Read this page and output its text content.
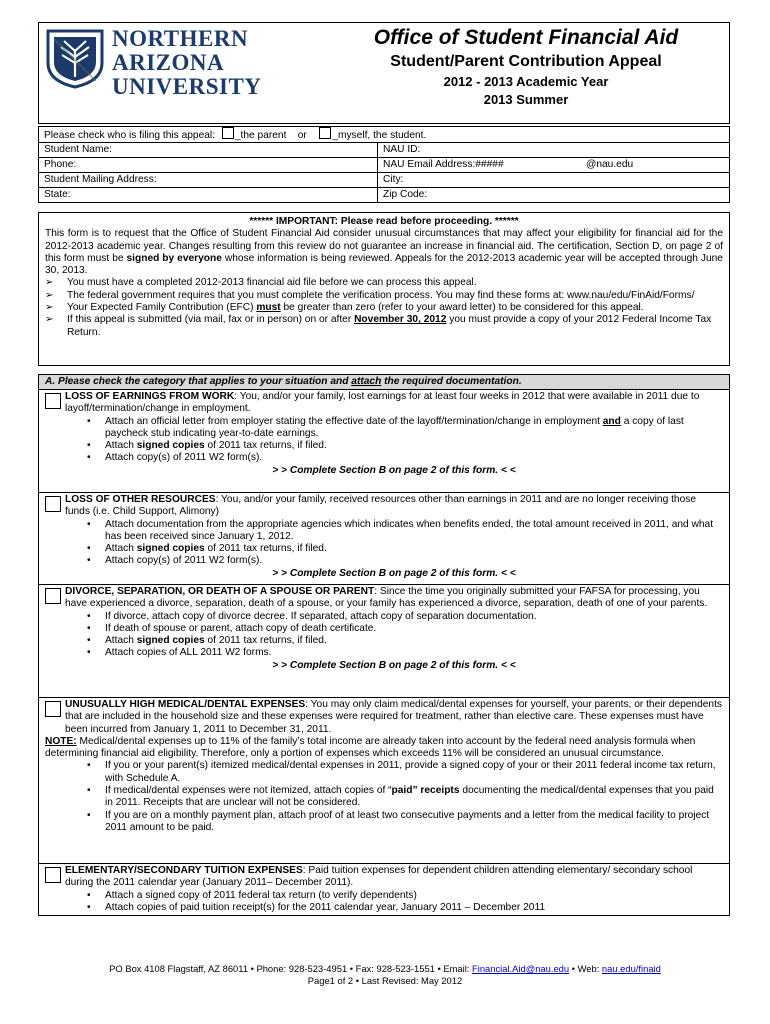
NORTHERN
ARIZONA
UNIVERSITY
Office of Student Financial Aid
Student/Parent Contribution Appeal
2012 - 2013 Academic Year
2013 Summer
Please check who is filing this appeal: _the parent or	_myself, the student.
Student Name:	NAU ID:
Phone:	NAU Email Address:#####	@nau.edu
Student Mailing Address:	City:
State:	Zip Code:
****** IMPORTANT: Please read before proceeding. ******
This form is to request that the Office of Student Financial Aid consider unusual circumstances that may affect your eligibility for financial aid for the 2012-2013 academic year. Changes resulting from this review do not guarantee an increase in financial aid. The certification, Section D, on page 2 of this form must be signed by everyone whose information is being reviewed. Appeals for the 2012-2013 academic year will be accepted through June 30, 2013.
➢	You must have a completed 2012-2013 financial aid file before we can process this appeal.
➢	The federal government requires that you must complete the verification process. You may find these forms at: www.nau/edu/FinAid/Forms/
➢	Your Expected Family Contribution (EFC) must be greater than zero (refer to your award letter) to be considered for this appeal.
➢	If this appeal is submitted (via mail, fax or in person) on or after November 30, 2012 you must provide a copy of your 2012 Federal Income Tax Return.
A. Please check the category that applies to your situation and attach the required documentation.
LOSS OF EARNINGS FROM WORK: You, and/or your family, lost earnings for at least four weeks in 2012 that were available in 2011 due to layoff/termination/change in employment.
•	Attach an official letter from employer stating the effective date of the layoff/termination/change in employment and a copy of last paycheck stub indicating year-to-date earnings.
•	Attach signed copies of 2011 tax returns, if filed.
•	Attach copy(s) of 2011 W2 form(s).
> > Complete Section B on page 2 of this form. < <
LOSS OF OTHER RESOURCES: You, and/or your family, received resources other than earnings in 2011 and are no longer receiving those funds (i.e. Child Support, Alimony)
•	Attach documentation from the appropriate agencies which indicates when benefits ended, the total amount received in 2011, and what has been received since January 1, 2012.
•	Attach signed copies of 2011 tax returns, if filed.
•	Attach copy(s) of 2011 W2 form(s).
> > Complete Section B on page 2 of this form. < <
DIVORCE, SEPARATION, OR DEATH OF A SPOUSE OR PARENT: Since the time you originally submitted your FAFSA for processing, you have experienced a divorce, separation, death of a spouse, or your family has experienced a divorce, separation, death of one of your parents.
•	If divorce, attach copy of divorce decree. If separated, attach copy of separation documentation.
•	If death of spouse or parent, attach copy of death certificate.
•	Attach signed copies of 2011 tax returns, if filed.
•	Attach copies of ALL 2011 W2 forms.
> > Complete Section B on page 2 of this form. < <
UNUSUALLY HIGH MEDICAL/DENTAL EXPENSES: You may only claim medical/dental expenses for yourself, your parents, or their dependents that are included in the household size and these expenses were required for treatment, rather than elective care. These expenses must have been incurred from January 1, 2011 to December 31, 2011.
NOTE: Medical/dental expenses up to 11% of the family’s total income are already taken into account by the federal need analysis formula when determining financial aid eligibility. Therefore, only a portion of expenses which exceeds 11% will be considered an unusual circumstance.
•	If you or your parent(s) itemized medical/dental expenses in 2011, provide a signed copy of your or their 2011 federal income tax return, with Schedule A.
•	If medical/dental expenses were not itemized, attach copies of “paid” receipts documenting the medical/dental expenses that you paid in 2011. Receipts that are unclear will not be considered.
•	If you are on a monthly payment plan, attach proof of at least two consecutive payments and a letter from the medical facility to project 2011 amount to be paid.
ELEMENTARY/SECONDARY TUITION EXPENSES: Paid tuition expenses for dependent children attending elementary/ secondary school during the 2011 calendar year (January 2011– December 2011).
•	Attach a signed copy of 2011 federal tax return (to verify dependents)
•	Attach copies of paid tuition receipt(s) for the 2011 calendar year, January 2011 – December 2011
PO Box 4108 Flagstaff, AZ 86011 • Phone: 928-523-4951 • Fax: 928-523-1551 • Email: Financial.Aid@nau.edu • Web: nau.edu/finaid
Page1 of 2 • Last Revised: May 2012
